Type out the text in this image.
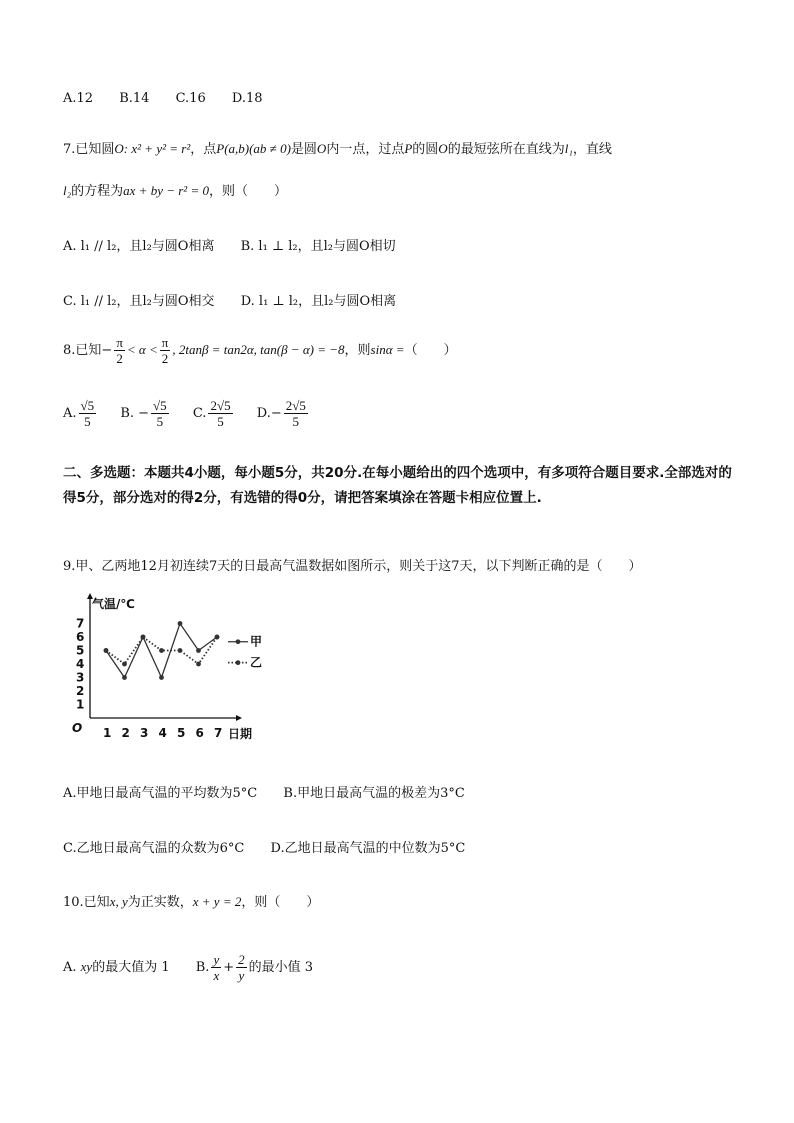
A.12 B.14 C.16 D.18
7.已知圆O: x² + y² = r²，点P(a,b)(ab ≠ 0)是圆O内一点，过点P的圆O的最短弦所在直线为l₁，直线
l₂的方程为ax + by − r² = 0，则（　　）
A. l₁ // l₂，且l₂与圆O相离 B. l₁ ⊥ l₂，且l₂与圆O相切
C. l₁ // l₂，且l₂与圆O相交 D. l₁ ⊥ l₂，且l₂与圆O相离
8.已知− $\frac{\pi}{2} < \alpha < \frac{\pi}{2}$ , 2tanβ = tan2α, tan(β − α) = −8，则sinα =（　　）
A. $\frac{√5}{5} B$. − $\frac{√5}{5} C$. $\frac{2√5}{5} D.- \frac{2√5}{5}$
二、多选题：本题共4小题，每小题5分，共20分.在每小题给出的四个选项中，有多项符合题目要求.全部选对的得5分，部分选对的得2分，有选错的得0分，请把答案填涂在答题卡相应位置上.
9.甲、乙两地12月初连续7天的日最高气温数据如图所示，则关于这7天，以下判断正确的是（　　）
气温/℃
日期
O
1
2
3
4
5
6
7
1 2 3 4 5 6 7
甲
乙
A.甲地日最高气温的平均数为5°C B.甲地日最高气温的极差为3°C
C.乙地日最高气温的众数为6°C D.乙地日最高气温的中位数为5°C
10.已知x, y为正实数，x + y = 2，则（　　）
A. xy的最大值为 1 B. $\frac{y}{x} + \frac{2}{y}$ 的最小值 3
